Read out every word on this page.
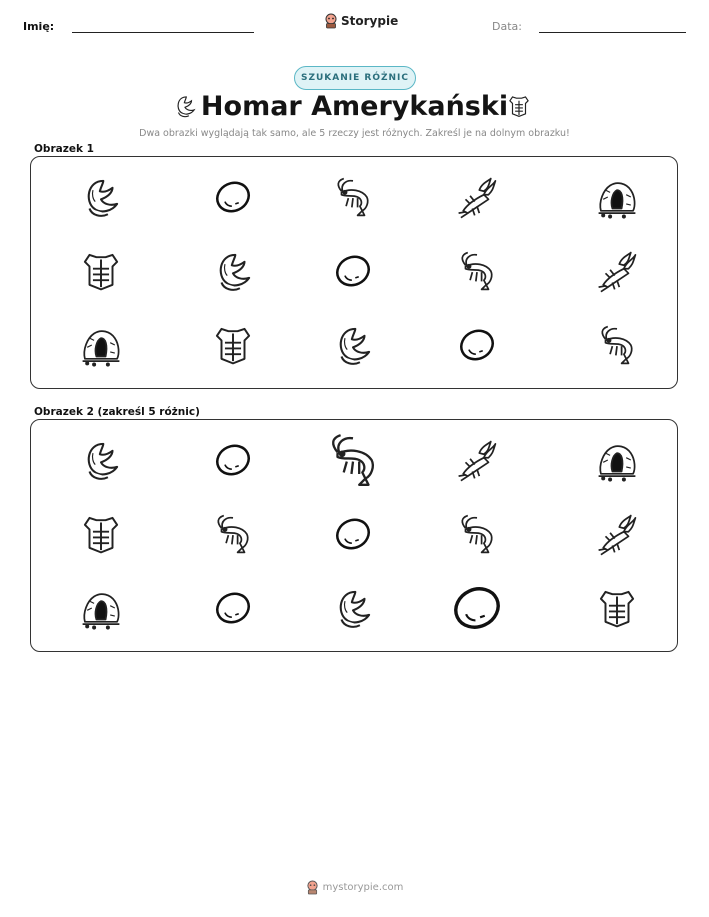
Imię:	Storypie	Data:
SZUKANIE RÓŻNIC
Homar Amerykański
Dwa obrazki wyglądają tak samo, ale 5 rzeczy jest różnych. Zakreśl je na dolnym obrazku!
Obrazek 1
Obrazek 2 (zakreśl 5 różnic)
mystorypie.com
